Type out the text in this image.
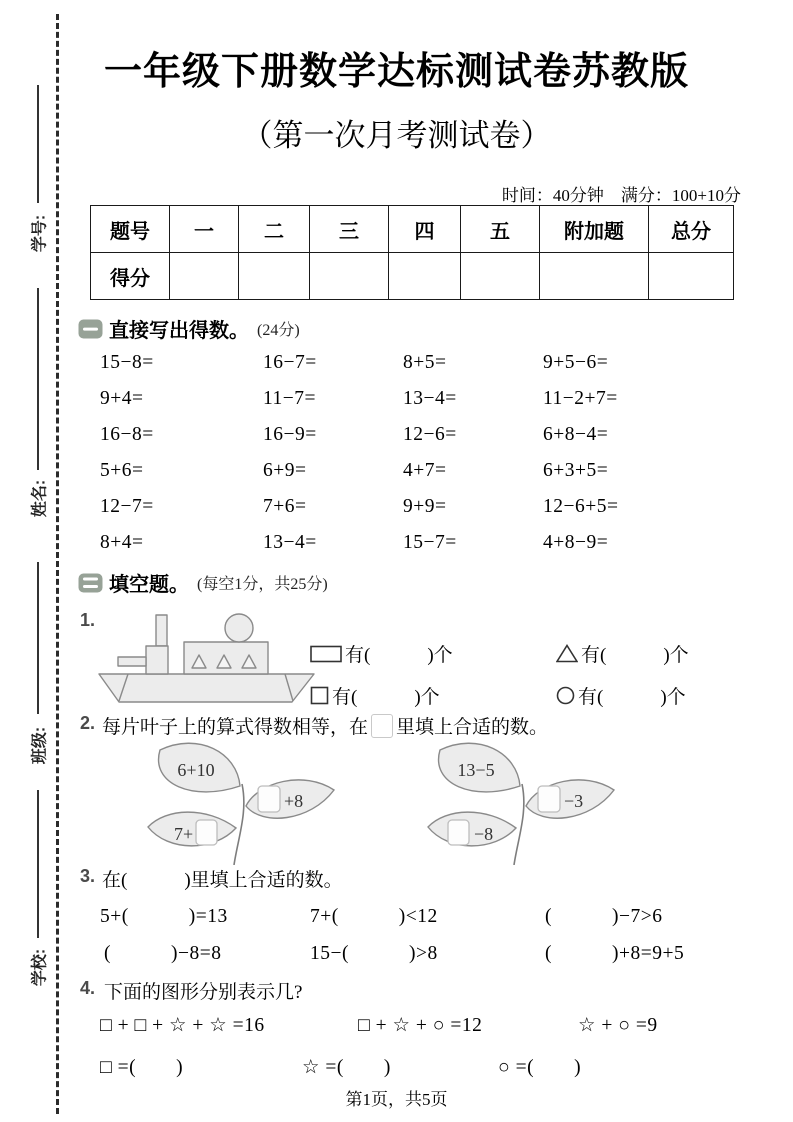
学号:
姓名:
班级:
学校:
一年级下册数学达标测试卷苏教版
（第一次月考测试卷）
时间：40分钟　满分：100+10分
题号	一	二	三	四	五	附加题	总分
得分							
直接写出得数。 (24分)
15−8=	16−7=	8+5=	9+5−6=
9+4=	11−7=	13−4=	11−2+7=
16−8=	16−9=	12−6=	6+8−4=
5+6=	6+9=	4+7=	6+3+5=
12−7=	7+6=	9+9=	12−6+5=
8+4=	13−4=	15−7=	4+8−9=
填空题。 (每空1分，共25分)
1.
有(　　　)个	有(　　　)个
有(　　　)个	有(　　　)个
2. 每片叶子上的算式得数相等，在 里填上合适的数。
6+10
+8
7+
13−5
−3
−8
3. 在(　　　)里填上合适的数。
5+(　　　)=13	7+(　　　)<12	(　　　)−7>6
(　　　)−8=8	15−(　　　)>8	(　　　)+8=9+5
4. 下面的图形分别表示几?
□ + □ + ☆ + ☆ =16	□ + ☆ + ○ =12	☆ + ○ =9
□ =(　　)	☆ =(　　)	○ =(　　)
第1页，共5页
